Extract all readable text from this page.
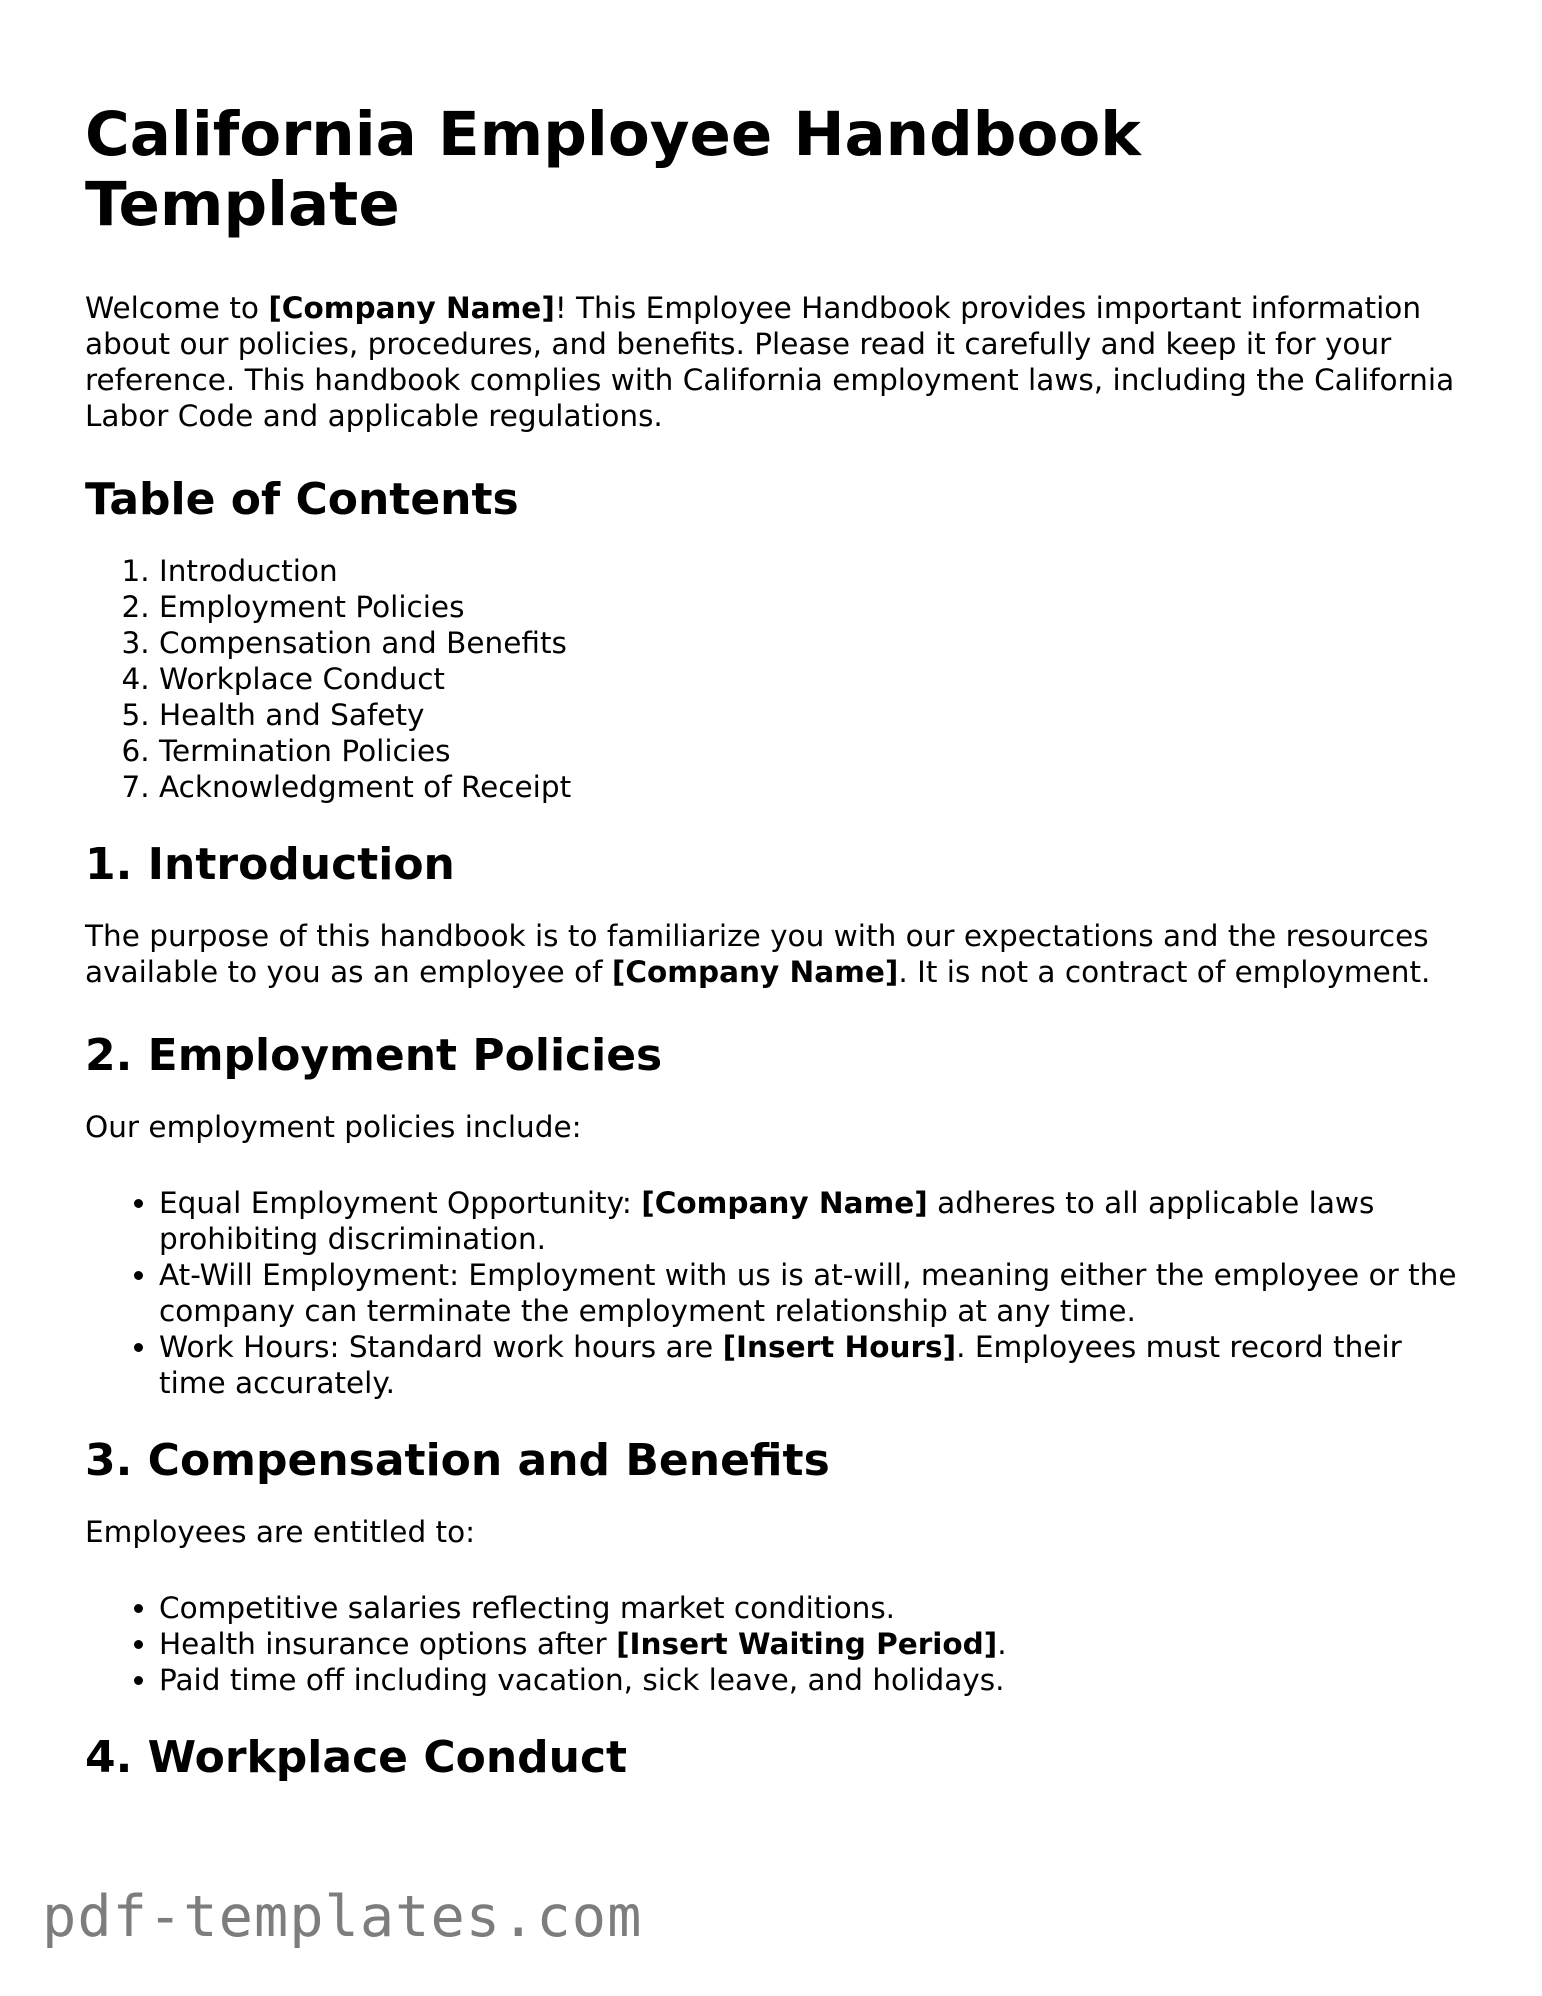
California Employee Handbook Template

Welcome to [Company Name]! This Employee Handbook provides important information about our policies, procedures, and benefits. Please read it carefully and keep it for your reference. This handbook complies with California employment laws, including the California Labor Code and applicable regulations.

Table of Contents
1. Introduction
2. Employment Policies
3. Compensation and Benefits
4. Workplace Conduct
5. Health and Safety
6. Termination Policies
7. Acknowledgment of Receipt
1. Introduction

The purpose of this handbook is to familiarize you with our expectations and the resources available to you as an employee of [Company Name]. It is not a contract of employment.

2. Employment Policies

Our employment policies include:

• Equal Employment Opportunity: [Company Name] adheres to all applicable laws prohibiting discrimination.
• At-Will Employment: Employment with us is at-will, meaning either the employee or the company can terminate the employment relationship at any time.
• Work Hours: Standard work hours are [Insert Hours]. Employees must record their time accurately.
3. Compensation and Benefits

Employees are entitled to:

• Competitive salaries reflecting market conditions.
• Health insurance options after [Insert Waiting Period].
• Paid time off including vacation, sick leave, and holidays.
4. Workplace Conduct
pdf-templates.com
